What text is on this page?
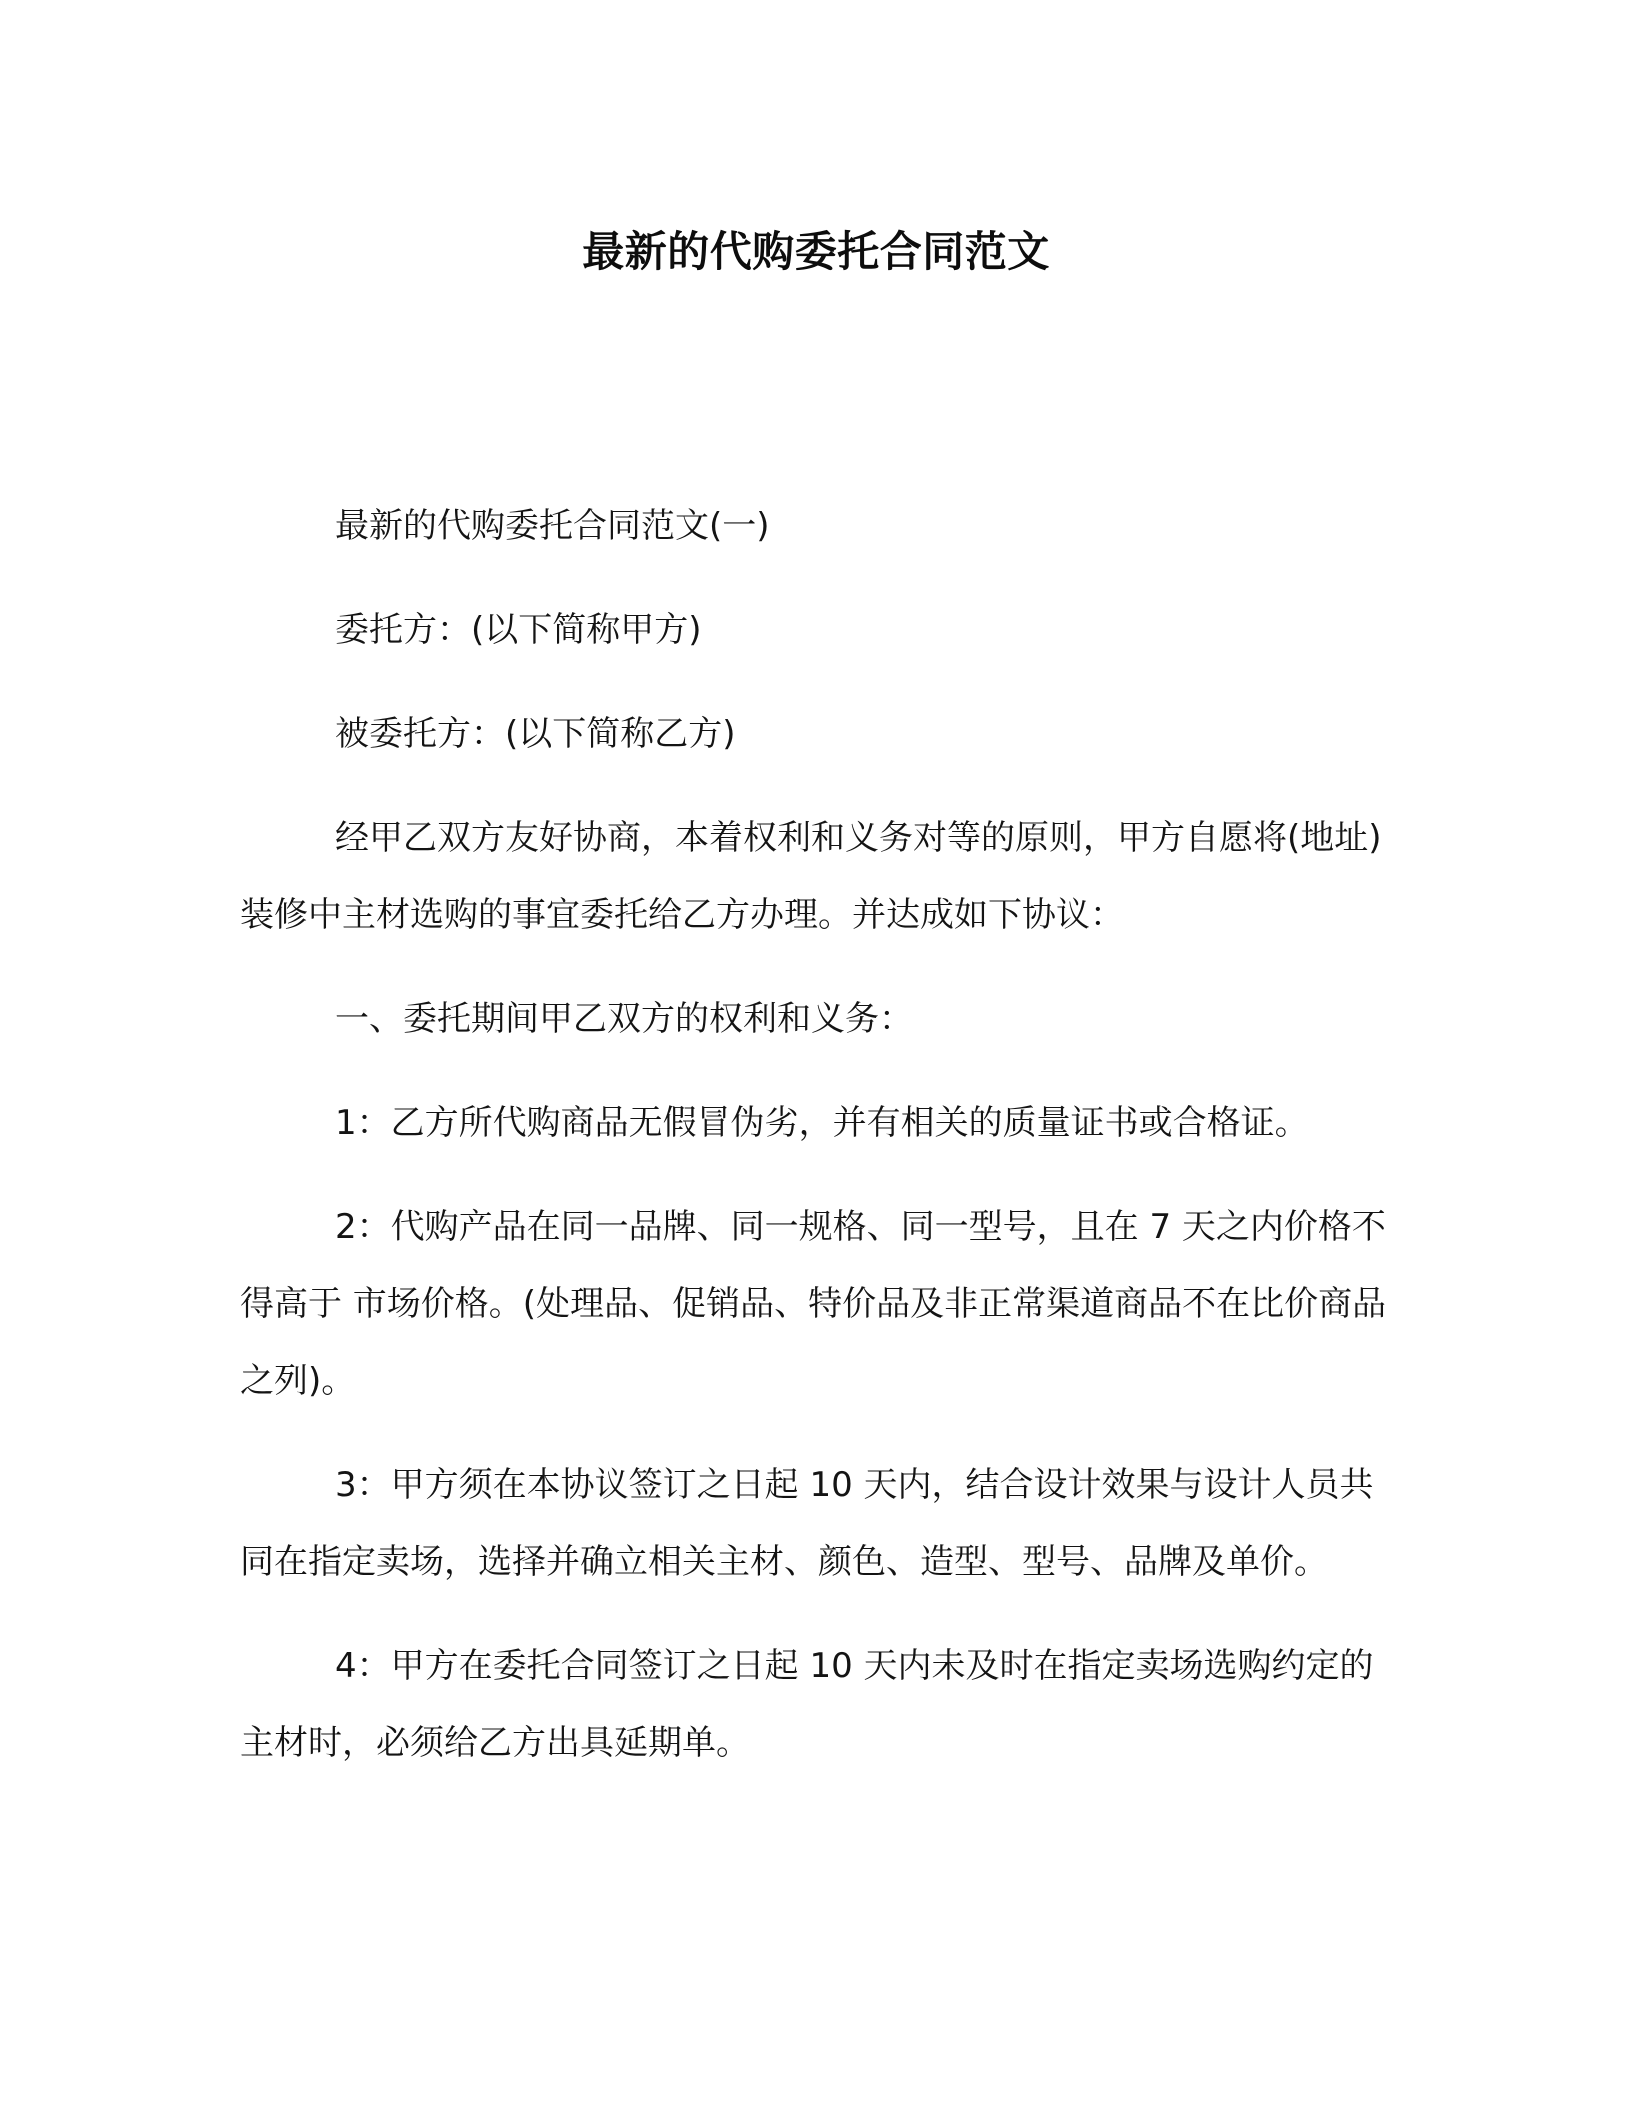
最新的代购委托合同范文

最新的代购委托合同范文(一)

委托方：(以下简称甲方)

被委托方：(以下简称乙方)

经甲乙双方友好协商，本着权利和义务对等的原则，甲方自愿将(地址)装修中主材选购的事宜委托给乙方办理。并达成如下协议：

一、委托期间甲乙双方的权利和义务：

1：乙方所代购商品无假冒伪劣，并有相关的质量证书或合格证。

2：代购产品在同一品牌、同一规格、同一型号，且在 7 天之内价格不得高于 市场价格。(处理品、促销品、特价品及非正常渠道商品不在比价商品之列)。

3：甲方须在本协议签订之日起 10 天内，结合设计效果与设计人员共同在指定卖场，选择并确立相关主材、颜色、造型、型号、品牌及单价。

4：甲方在委托合同签订之日起 10 天内未及时在指定卖场选购约定的主材时，必须给乙方出具延期单。
